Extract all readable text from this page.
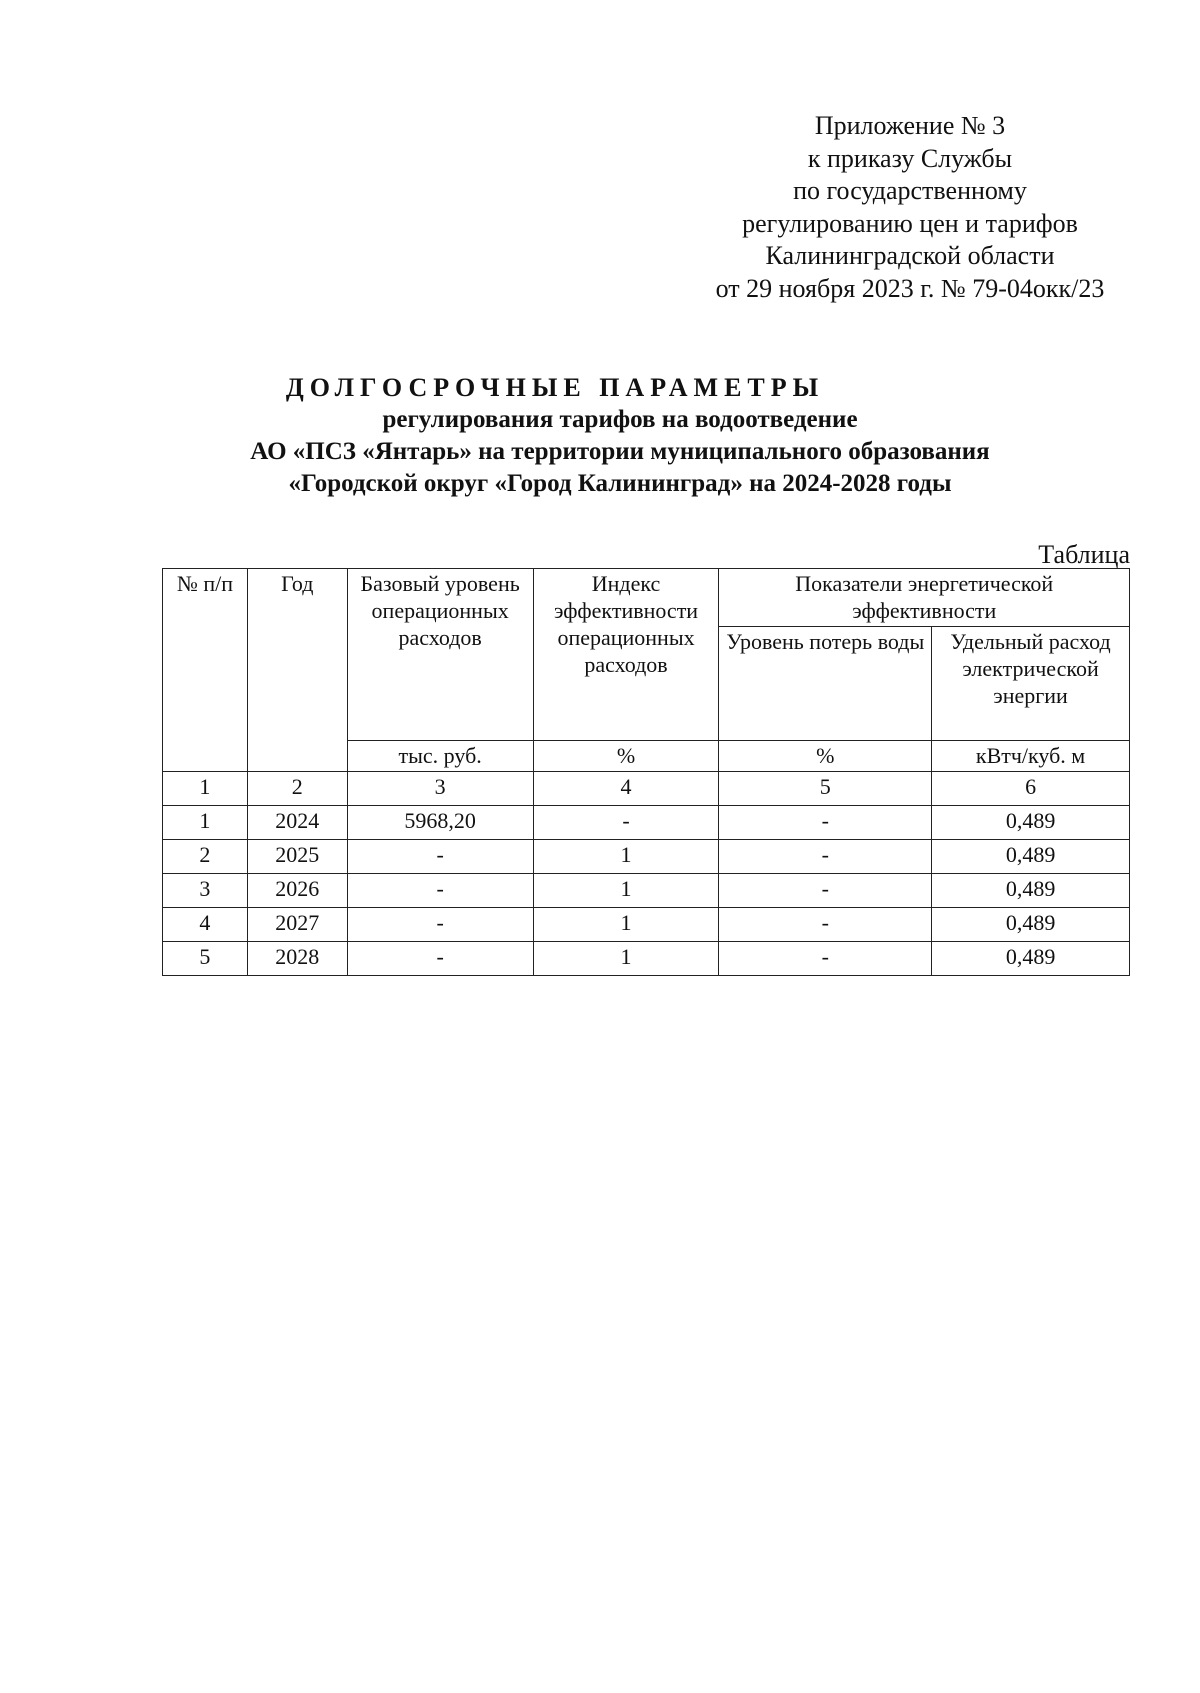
Приложение № 3
к приказу Службы
по государственному
регулированию цен и тарифов
Калининградской области
от 29 ноября 2023 г. № 79-04окк/23
ДОЛГОСРОЧНЫЕ ПАРАМЕТРЫ
регулирования тарифов на водоотведение
АО «ПСЗ «Янтарь» на территории муниципального образования
«Городской округ «Город Калининград» на 2024-2028 годы
Таблица
№ п/п	Год	Базовый уровень операционных расходов	Индекс эффективности операционных расходов	Показатели энергетической эффективности	
				Уровень потерь воды	Удельный расход электрической энергии
		тыс. руб.	%	%	кВтч/куб. м
1	2	3	4	5	6
1	2024	5968,20	-	-	0,489
2	2025	-	1	-	0,489
3	2026	-	1	-	0,489
4	2027	-	1	-	0,489
5	2028	-	1	-	0,489
